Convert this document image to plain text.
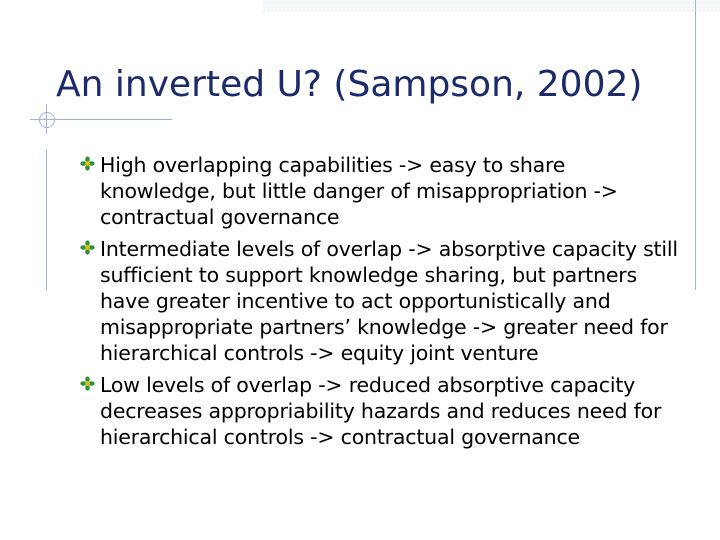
An inverted U? (Sampson, 2002)
High overlapping capabilities -> easy to share knowledge, but little danger of misappropriation -> contractual governance
Intermediate levels of overlap -> absorptive capacity still sufficient to support knowledge sharing, but partners have greater incentive to act opportunistically and misappropriate partners’ knowledge -> greater need for hierarchical controls -> equity joint venture
Low levels of overlap -> reduced absorptive capacity decreases appropriability hazards and reduces need for hierarchical controls -> contractual governance
